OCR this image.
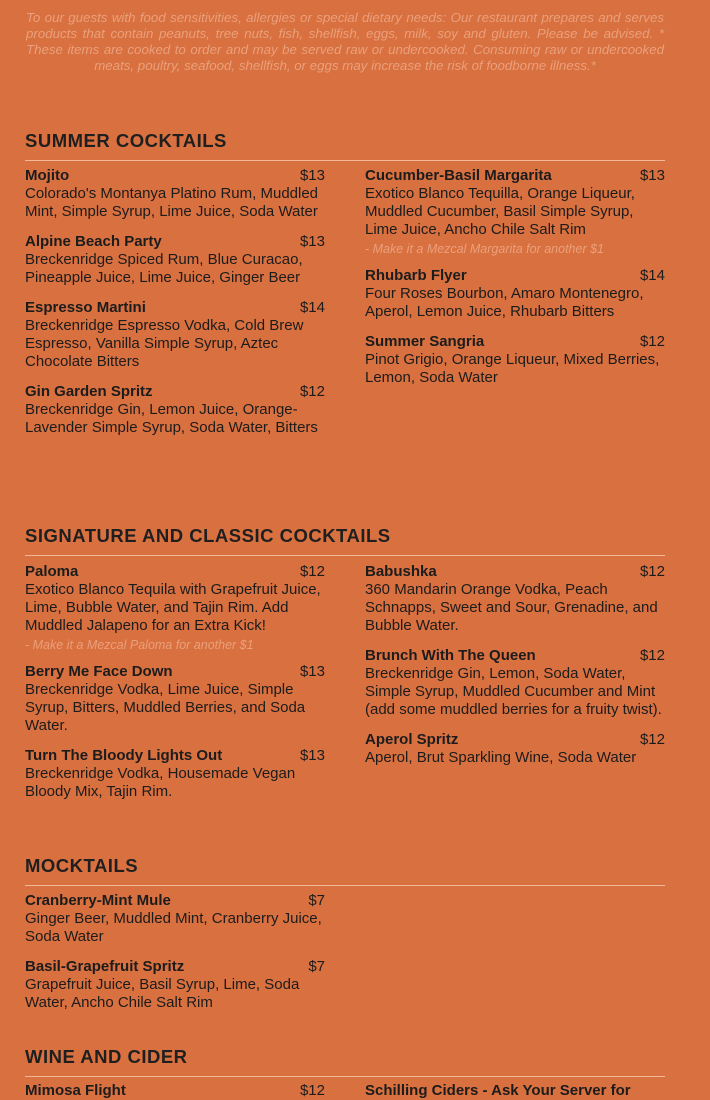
To our guests with food sensitivities, allergies or special dietary needs: Our restaurant prepares and serves products that contain peanuts, tree nuts, fish, shellfish, eggs, milk, soy and gluten. Please be advised. * These items are cooked to order and may be served raw or undercooked. Consuming raw or undercooked meats, poultry, seafood, shellfish, or eggs may increase the risk of foodborne illness.*
SUMMER COCKTAILS
Mojito	$13
Colorado's Montanya Platino Rum, Muddled Mint, Simple Syrup, Lime Juice, Soda Water
Alpine Beach Party	$13
Breckenridge Spiced Rum, Blue Curacao, Pineapple Juice, Lime Juice, Ginger Beer
Espresso Martini	$14
Breckenridge Espresso Vodka, Cold Brew Espresso, Vanilla Simple Syrup, Aztec Chocolate Bitters
Gin Garden Spritz	$12
Breckenridge Gin, Lemon Juice, Orange-Lavender Simple Syrup, Soda Water, Bitters
Cucumber-Basil Margarita	$13
Exotico Blanco Tequilla, Orange Liqueur, Muddled Cucumber, Basil Simple Syrup, Lime Juice, Ancho Chile Salt Rim
- Make it a Mezcal Margarita for another $1
Rhubarb Flyer	$14
Four Roses Bourbon, Amaro Montenegro, Aperol, Lemon Juice, Rhubarb Bitters
Summer Sangria	$12
Pinot Grigio, Orange Liqueur, Mixed Berries, Lemon, Soda Water
SIGNATURE AND CLASSIC COCKTAILS
Paloma	$12
Exotico Blanco Tequila with Grapefruit Juice, Lime, Bubble Water, and Tajin Rim. Add Muddled Jalapeno for an Extra Kick!
- Make it a Mezcal Paloma for another $1
Berry Me Face Down	$13
Breckenridge Vodka, Lime Juice, Simple Syrup, Bitters, Muddled Berries, and Soda Water.
Turn The Bloody Lights Out	$13
Breckenridge Vodka, Housemade Vegan Bloody Mix, Tajin Rim.
Babushka	$12
360 Mandarin Orange Vodka, Peach Schnapps, Sweet and Sour, Grenadine, and Bubble Water.
Brunch With The Queen	$12
Breckenridge Gin, Lemon, Soda Water, Simple Syrup, Muddled Cucumber and Mint (add some muddled berries for a fruity twist).
Aperol Spritz	$12
Aperol, Brut Sparkling Wine, Soda Water
MOCKTAILS
Cranberry-Mint Mule	$7
Ginger Beer, Muddled Mint, Cranberry Juice, Soda Water
Basil-Grapefruit Spritz	$7
Grapefruit Juice, Basil Syrup, Lime, Soda Water, Ancho Chile Salt Rim
WINE AND CIDER
Mimosa Flight	$12	Schilling Ciders - Ask Your Server for
